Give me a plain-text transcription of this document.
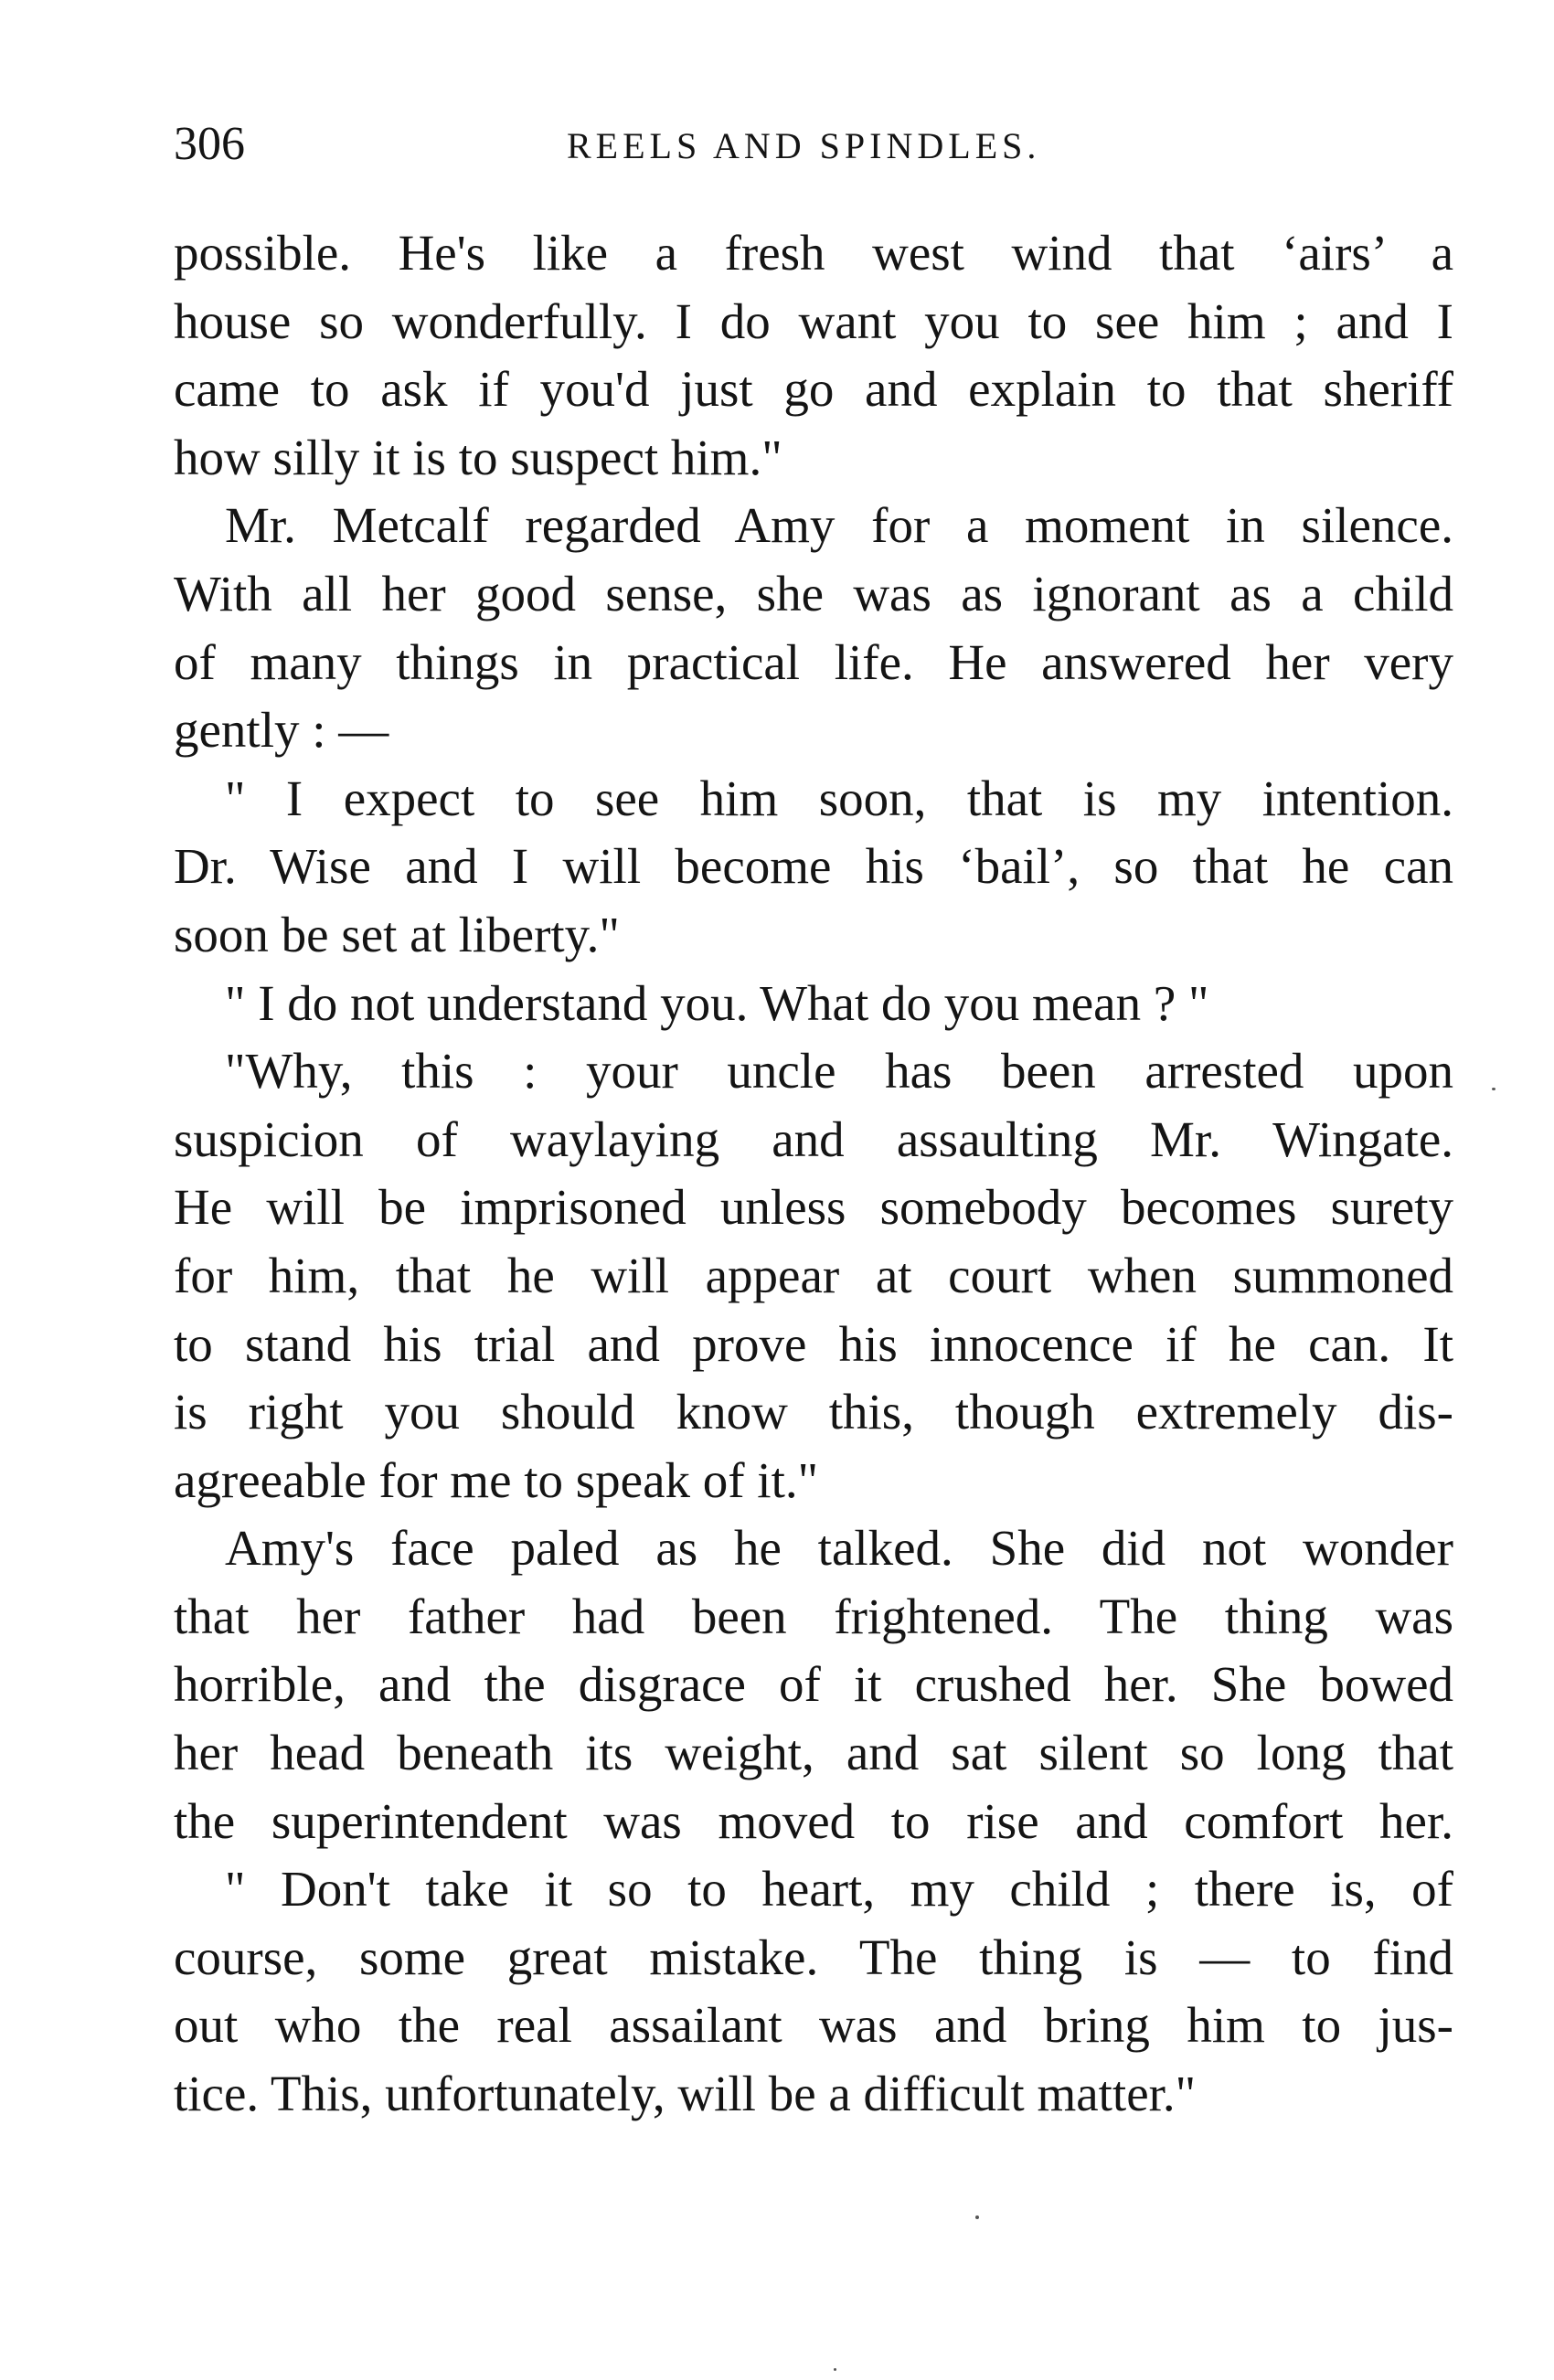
306	REELS AND SPINDLES.
possible. He's like a fresh west wind that ‘airs’ a
house so wonderfully. I do want you to see him ; and I
came to ask if you'd just go and explain to that sheriff
how silly it is to suspect him."
Mr. Metcalf regarded Amy for a moment in silence.
With all her good sense, she was as ignorant as a child
of many things in practical life. He answered her very
gently : —
" I expect to see him soon, that is my intention.
Dr. Wise and I will become his ‘bail’, so that he can
soon be set at liberty."
" I do not understand you. What do you mean ? "
"Why, this : your uncle has been arrested upon
suspicion of waylaying and assaulting Mr. Wingate.
He will be imprisoned unless somebody becomes surety
for him, that he will appear at court when summoned
to stand his trial and prove his innocence if he can. It
is right you should know this, though extremely dis-
agreeable for me to speak of it."
Amy's face paled as he talked. She did not wonder
that her father had been frightened. The thing was
horrible, and the disgrace of it crushed her. She bowed
her head beneath its weight, and sat silent so long that
the superintendent was moved to rise and comfort her.
" Don't take it so to heart, my child ; there is, of
course, some great mistake. The thing is — to find
out who the real assailant was and bring him to jus-
tice. This, unfortunately, will be a difficult matter."
